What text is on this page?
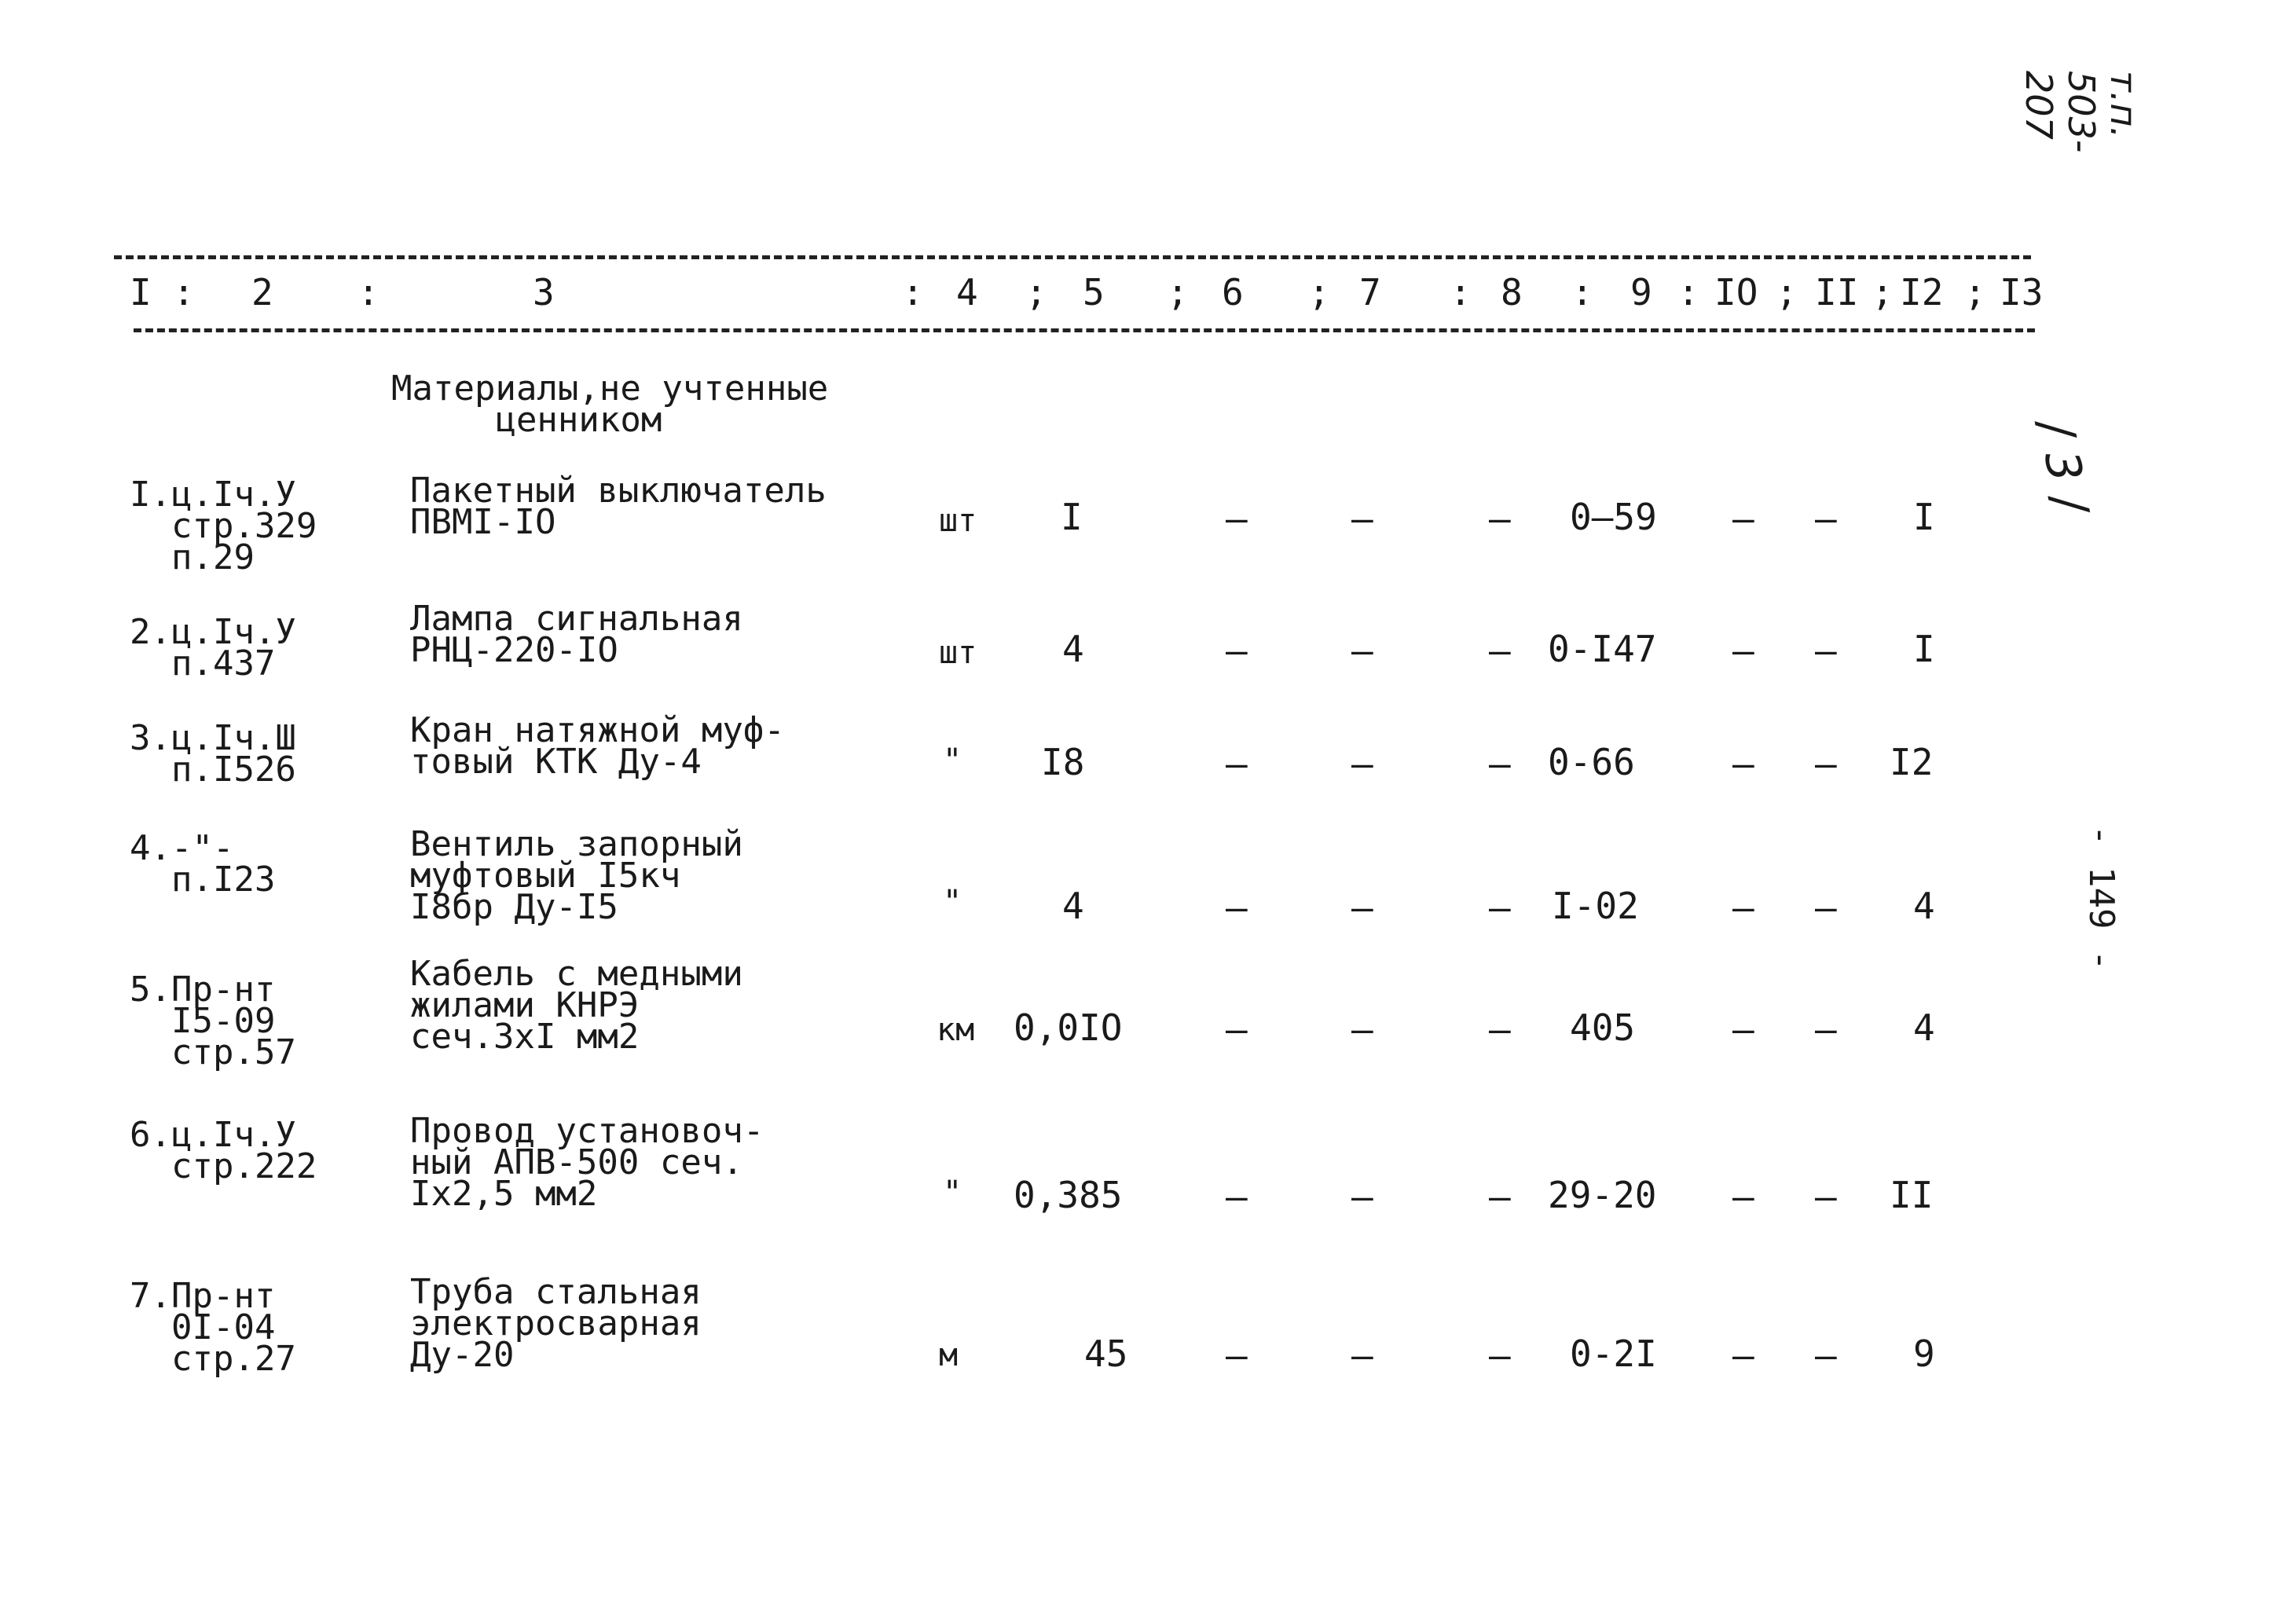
т.п. 503-207
/ 3 /
- 149 -
I	2	3	4	5	6	7	8	9 IO II I2 I3
:	:	:	;	;	;	:	: : ; ; ;
Материалы,не учтенные
ценником
I.ц.Iч.У
стр.329
п.29
Пакетный выключатель
ПВМI-IO	шт I	–	–	– 0–59 – – I
2.ц.Iч.У
п.437
Лампа сигнальная
РНЦ-220-IO	шт 4	–	–	– 0-I47 – – I
3.ц.Iч.Ш
п.I526
Кран натяжной муф-
товый КТК Ду-4	" I8	–	–	– 0-66	– – I2
4.-"-
п.I23
Вентиль запорный
муфтовый I5кч
I8бр Ду-I5	"	4	–	–	– I-02	– – 4
5.Пр-нт
I5-09
стр.57
Кабель с медными
жилами КНРЭ
сеч.3хI мм2	км 0,0IO	–	–	– 405	– – 4
6.ц.Iч.У
стр.222
Провод установоч-
ный АПВ-500 сеч.
Iх2,5 мм2	" 0,385	–	–	– 29-20 – – II
7.Пр-нт
0I-04
стр.27
Труба стальная
электросварная
Ду-20	м	45	–	–	– 0-2I – – 9
